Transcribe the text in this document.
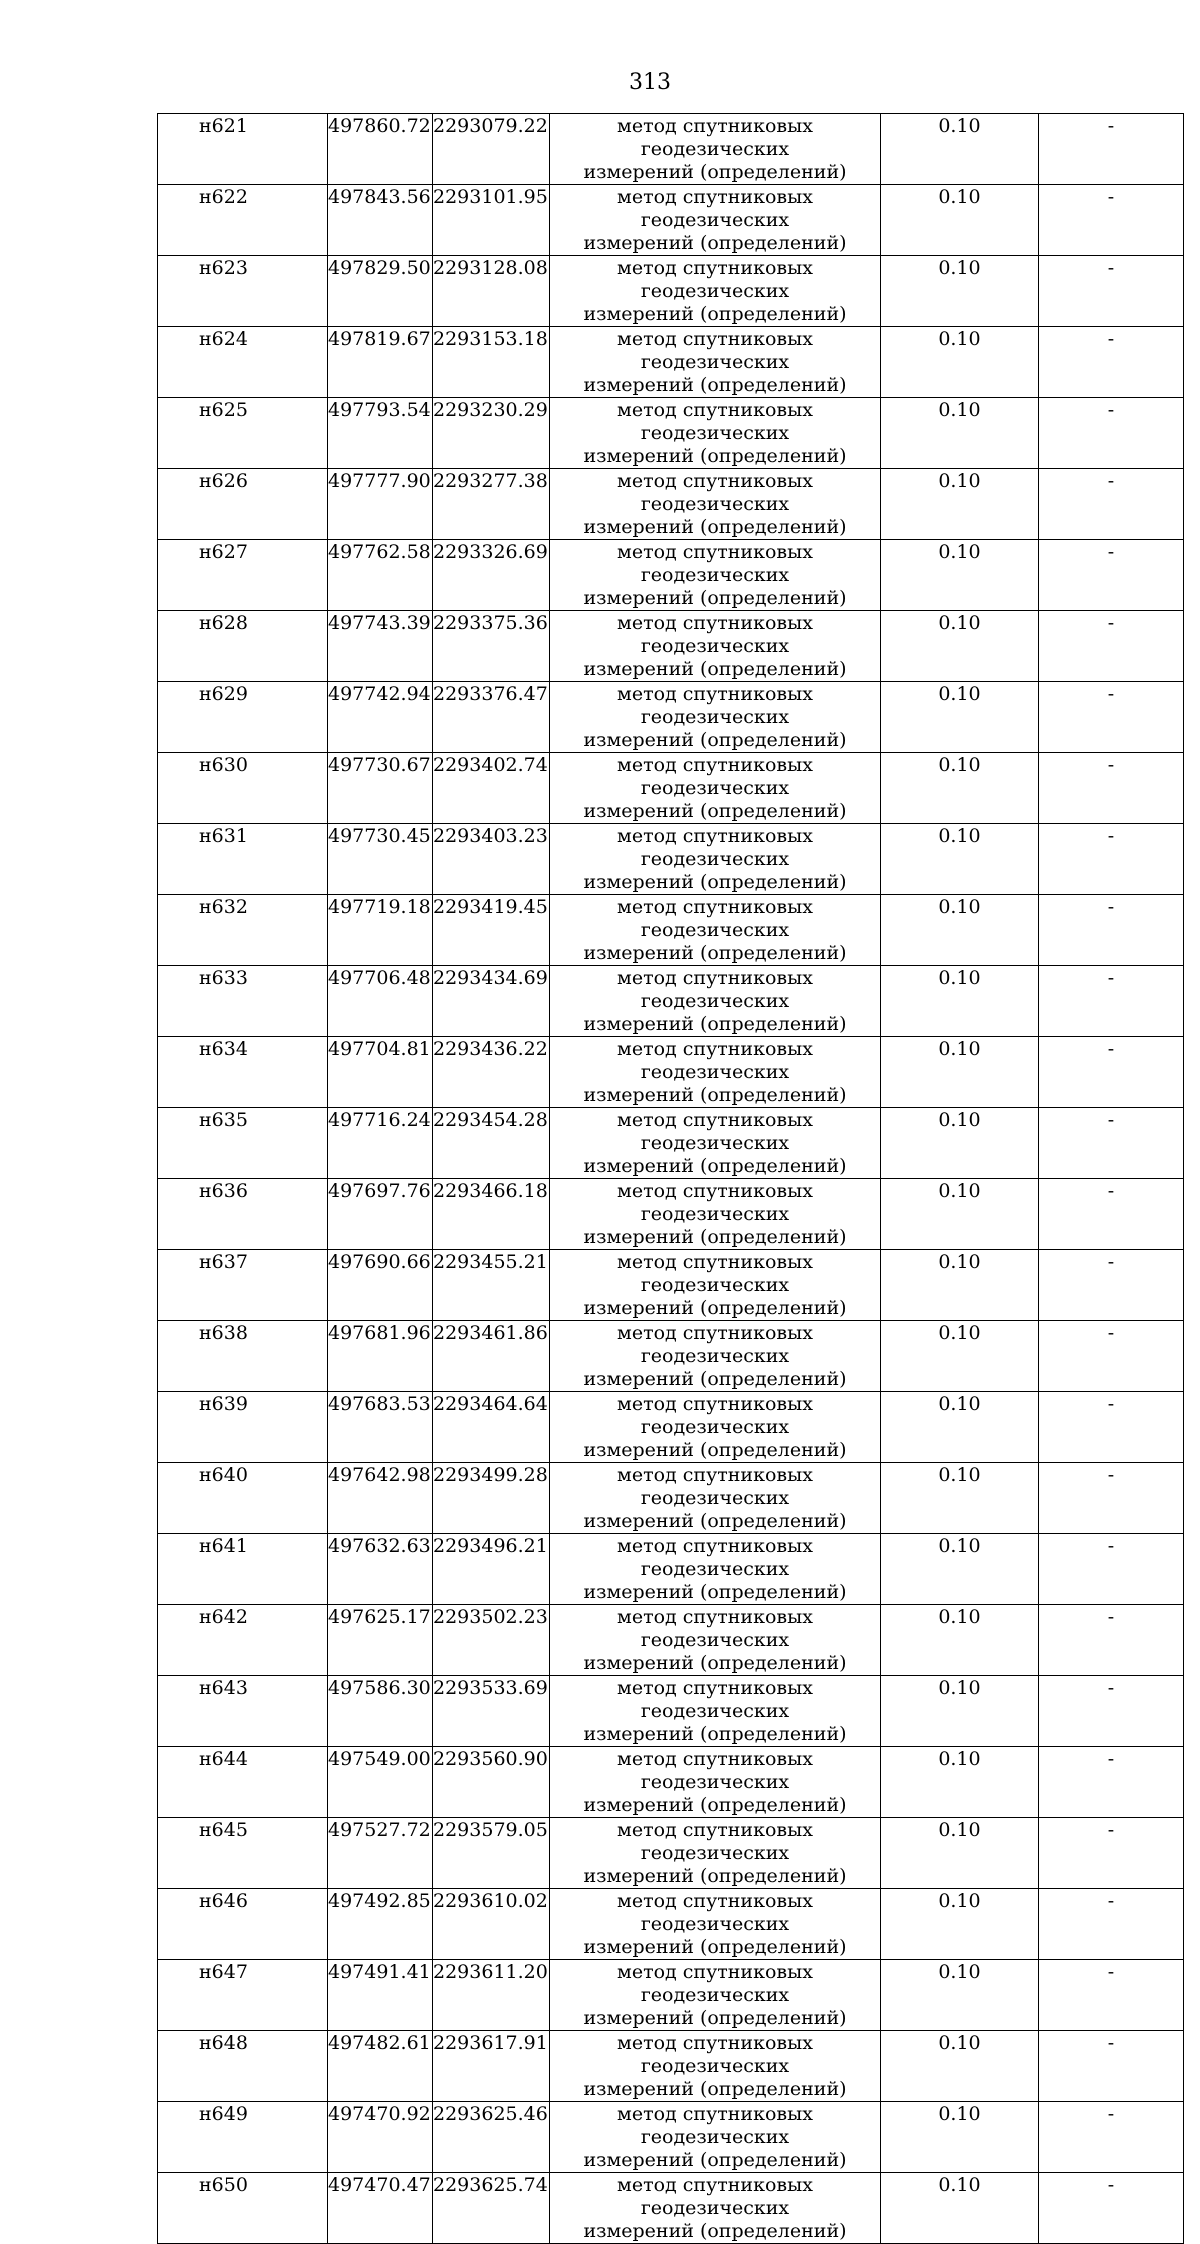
313
н621	497860.72	2293079.22	метод спутниковых геодезических
измерений (определений)	0.10	-

н622	497843.56	2293101.95	метод спутниковых геодезических
измерений (определений)	0.10	-

н623	497829.50	2293128.08	метод спутниковых геодезических
измерений (определений)	0.10	-

н624	497819.67	2293153.18	метод спутниковых геодезических
измерений (определений)	0.10	-

н625	497793.54	2293230.29	метод спутниковых геодезических
измерений (определений)	0.10	-

н626	497777.90	2293277.38	метод спутниковых геодезических
измерений (определений)	0.10	-

н627	497762.58	2293326.69	метод спутниковых геодезических
измерений (определений)	0.10	-

н628	497743.39	2293375.36	метод спутниковых геодезических
измерений (определений)	0.10	-

н629	497742.94	2293376.47	метод спутниковых геодезических
измерений (определений)	0.10	-

н630	497730.67	2293402.74	метод спутниковых геодезических
измерений (определений)	0.10	-

н631	497730.45	2293403.23	метод спутниковых геодезических
измерений (определений)	0.10	-

н632	497719.18	2293419.45	метод спутниковых геодезических
измерений (определений)	0.10	-

н633	497706.48	2293434.69	метод спутниковых геодезических
измерений (определений)	0.10	-

н634	497704.81	2293436.22	метод спутниковых геодезических
измерений (определений)	0.10	-

н635	497716.24	2293454.28	метод спутниковых геодезических
измерений (определений)	0.10	-

н636	497697.76	2293466.18	метод спутниковых геодезических
измерений (определений)	0.10	-

н637	497690.66	2293455.21	метод спутниковых геодезических
измерений (определений)	0.10	-

н638	497681.96	2293461.86	метод спутниковых геодезических
измерений (определений)	0.10	-

н639	497683.53	2293464.64	метод спутниковых геодезических
измерений (определений)	0.10	-

н640	497642.98	2293499.28	метод спутниковых геодезических
измерений (определений)	0.10	-

н641	497632.63	2293496.21	метод спутниковых геодезических
измерений (определений)	0.10	-

н642	497625.17	2293502.23	метод спутниковых геодезических
измерений (определений)	0.10	-

н643	497586.30	2293533.69	метод спутниковых геодезических
измерений (определений)	0.10	-

н644	497549.00	2293560.90	метод спутниковых геодезических
измерений (определений)	0.10	-

н645	497527.72	2293579.05	метод спутниковых геодезических
измерений (определений)	0.10	-

н646	497492.85	2293610.02	метод спутниковых геодезических
измерений (определений)	0.10	-

н647	497491.41	2293611.20	метод спутниковых геодезических
измерений (определений)	0.10	-

н648	497482.61	2293617.91	метод спутниковых геодезических
измерений (определений)	0.10	-

н649	497470.92	2293625.46	метод спутниковых геодезических
измерений (определений)	0.10	-

н650	497470.47	2293625.74	метод спутниковых геодезических
измерений (определений)	0.10	-
